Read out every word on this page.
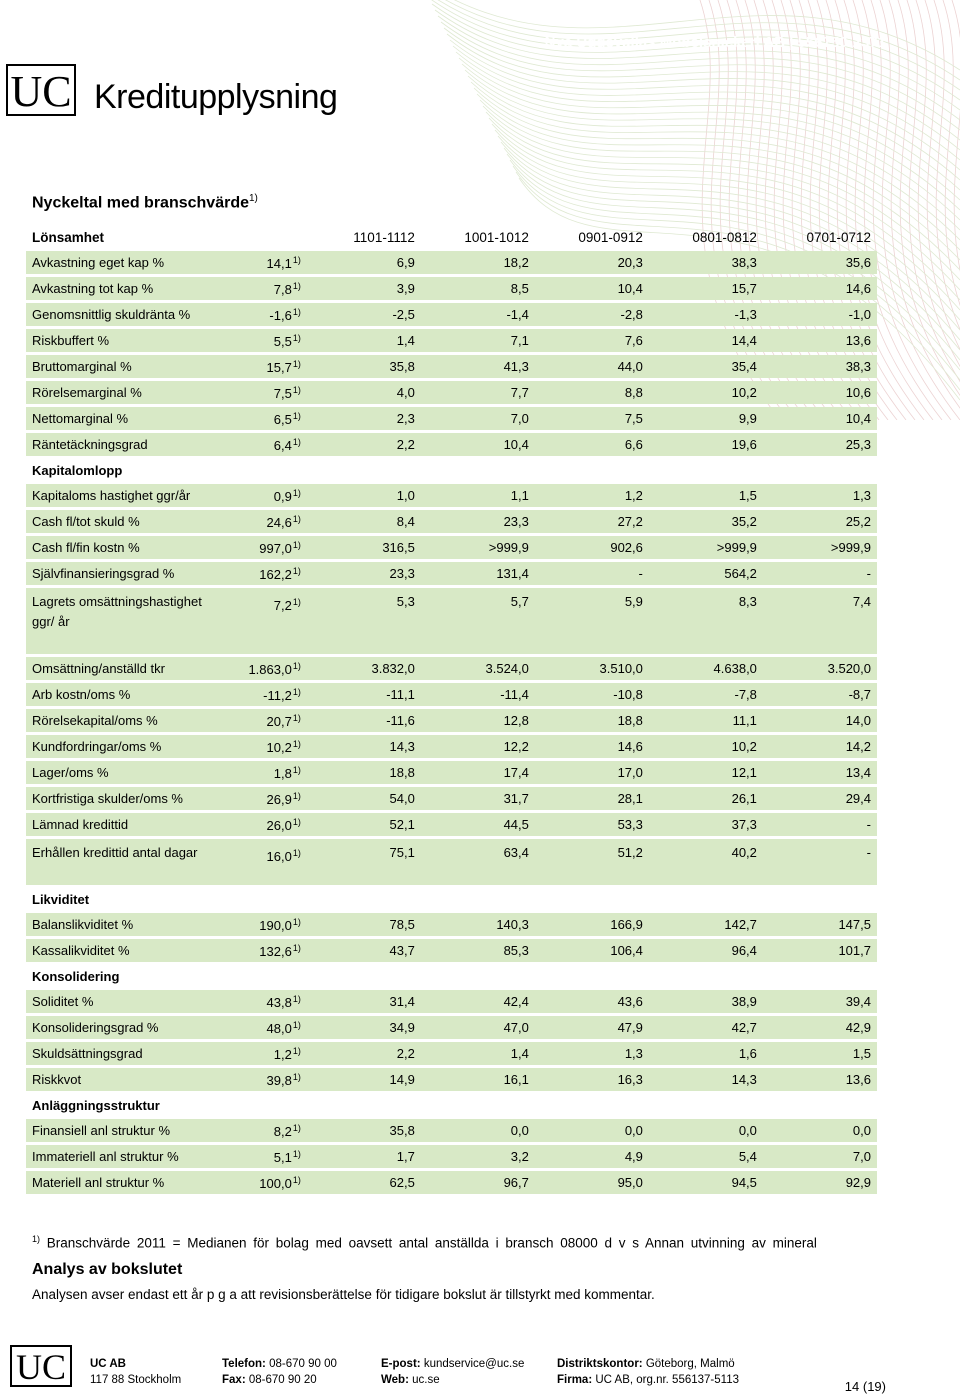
Nya Uddevallas Möbelsnickeri AB | 556750-2371
UC Kreditupplysning
Nyckeltal med branschvärde$^{1)}$
Lönsamhet		1101-1112	1001-1012	0901-0912	0801-0812	0701-0712
Avkastning eget kap %	14,1$^{1)}$	6,9	18,2	20,3	38,3	35,6
Avkastning tot kap %	7,8$^{1)}$	3,9	8,5	10,4	15,7	14,6
Genomsnittlig skuldränta %	-1,6$^{1)}$	-2,5	-1,4	-2,8	-1,3	-1,0
Riskbuffert %	5,5$^{1)}$	1,4	7,1	7,6	14,4	13,6
Bruttomarginal %	15,7$^{1)}$	35,8	41,3	44,0	35,4	38,3
Rörelsemarginal %	7,5$^{1)}$	4,0	7,7	8,8	10,2	10,6
Nettomarginal %	6,5$^{1)}$	2,3	7,0	7,5	9,9	10,4
Räntetäckningsgrad	6,4$^{1)}$	2,2	10,4	6,6	19,6	25,3
Kapitalomlopp						
Kapitaloms hastighet ggr/år	0,9$^{1)}$	1,0	1,1	1,2	1,5	1,3
Cash fl/tot skuld %	24,6$^{1)}$	8,4	23,3	27,2	35,2	25,2
Cash fl/fin kostn %	997,0$^{1)}$	316,5	>999,9	902,6	>999,9	>999,9
Självfinansieringsgrad %	162,2$^{1)}$	23,3	131,4	-	564,2	-
Lagrets omsättningshastighet ggr/ år	7,2$^{1)}$	5,3	5,7	5,9	8,3	7,4
Omsättning/anställd tkr	1.863,0$^{1)}$	3.832,0	3.524,0	3.510,0	4.638,0	3.520,0
Arb kostn/oms %	-11,2$^{1)}$	-11,1	-11,4	-10,8	-7,8	-8,7
Rörelsekapital/oms %	20,7$^{1)}$	-11,6	12,8	18,8	11,1	14,0
Kundfordringar/oms %	10,2$^{1)}$	14,3	12,2	14,6	10,2	14,2
Lager/oms %	1,8$^{1)}$	18,8	17,4	17,0	12,1	13,4
Kortfristiga skulder/oms %	26,9$^{1)}$	54,0	31,7	28,1	26,1	29,4
Lämnad kredittid	26,0$^{1)}$	52,1	44,5	53,3	37,3	-
Erhållen kredittid antal dagar	16,0$^{1)}$	75,1	63,4	51,2	40,2	-
Likviditet						
Balanslikviditet %	190,0$^{1)}$	78,5	140,3	166,9	142,7	147,5
Kassalikviditet %	132,6$^{1)}$	43,7	85,3	106,4	96,4	101,7
Konsolidering						
Soliditet %	43,8$^{1)}$	31,4	42,4	43,6	38,9	39,4
Konsolideringsgrad %	48,0$^{1)}$	34,9	47,0	47,9	42,7	42,9
Skuldsättningsgrad	1,2$^{1)}$	2,2	1,4	1,3	1,6	1,5
Riskkvot	39,8$^{1)}$	14,9	16,1	16,3	14,3	13,6
Anläggningsstruktur						
Finansiell anl struktur %	8,2$^{1)}$	35,8	0,0	0,0	0,0	0,0
Immateriell anl struktur %	5,1$^{1)}$	1,7	3,2	4,9	5,4	7,0
Materiell anl struktur %	100,0$^{1)}$	62,5	96,7	95,0	94,5	92,9
$^{1)}$ Branschvärde 2011 = Medianen för bolag med oavsett antal anställda i bransch 08000 d v s Annan utvinning av mineral
Analys av bokslutet
Analysen avser endast ett år p g a att revisionsberättelse för tidigare bokslut är tillstyrkt med kommentar.
UC UC AB
117 88 Stockholm
Telefon: 08-670 90 00
Fax: 08-670 90 20
E-post: kundservice@uc.se
Web: uc.se
Distriktskontor: Göteborg, Malmö
Firma: UC AB, org.nr. 556137-5113	14 (19)
